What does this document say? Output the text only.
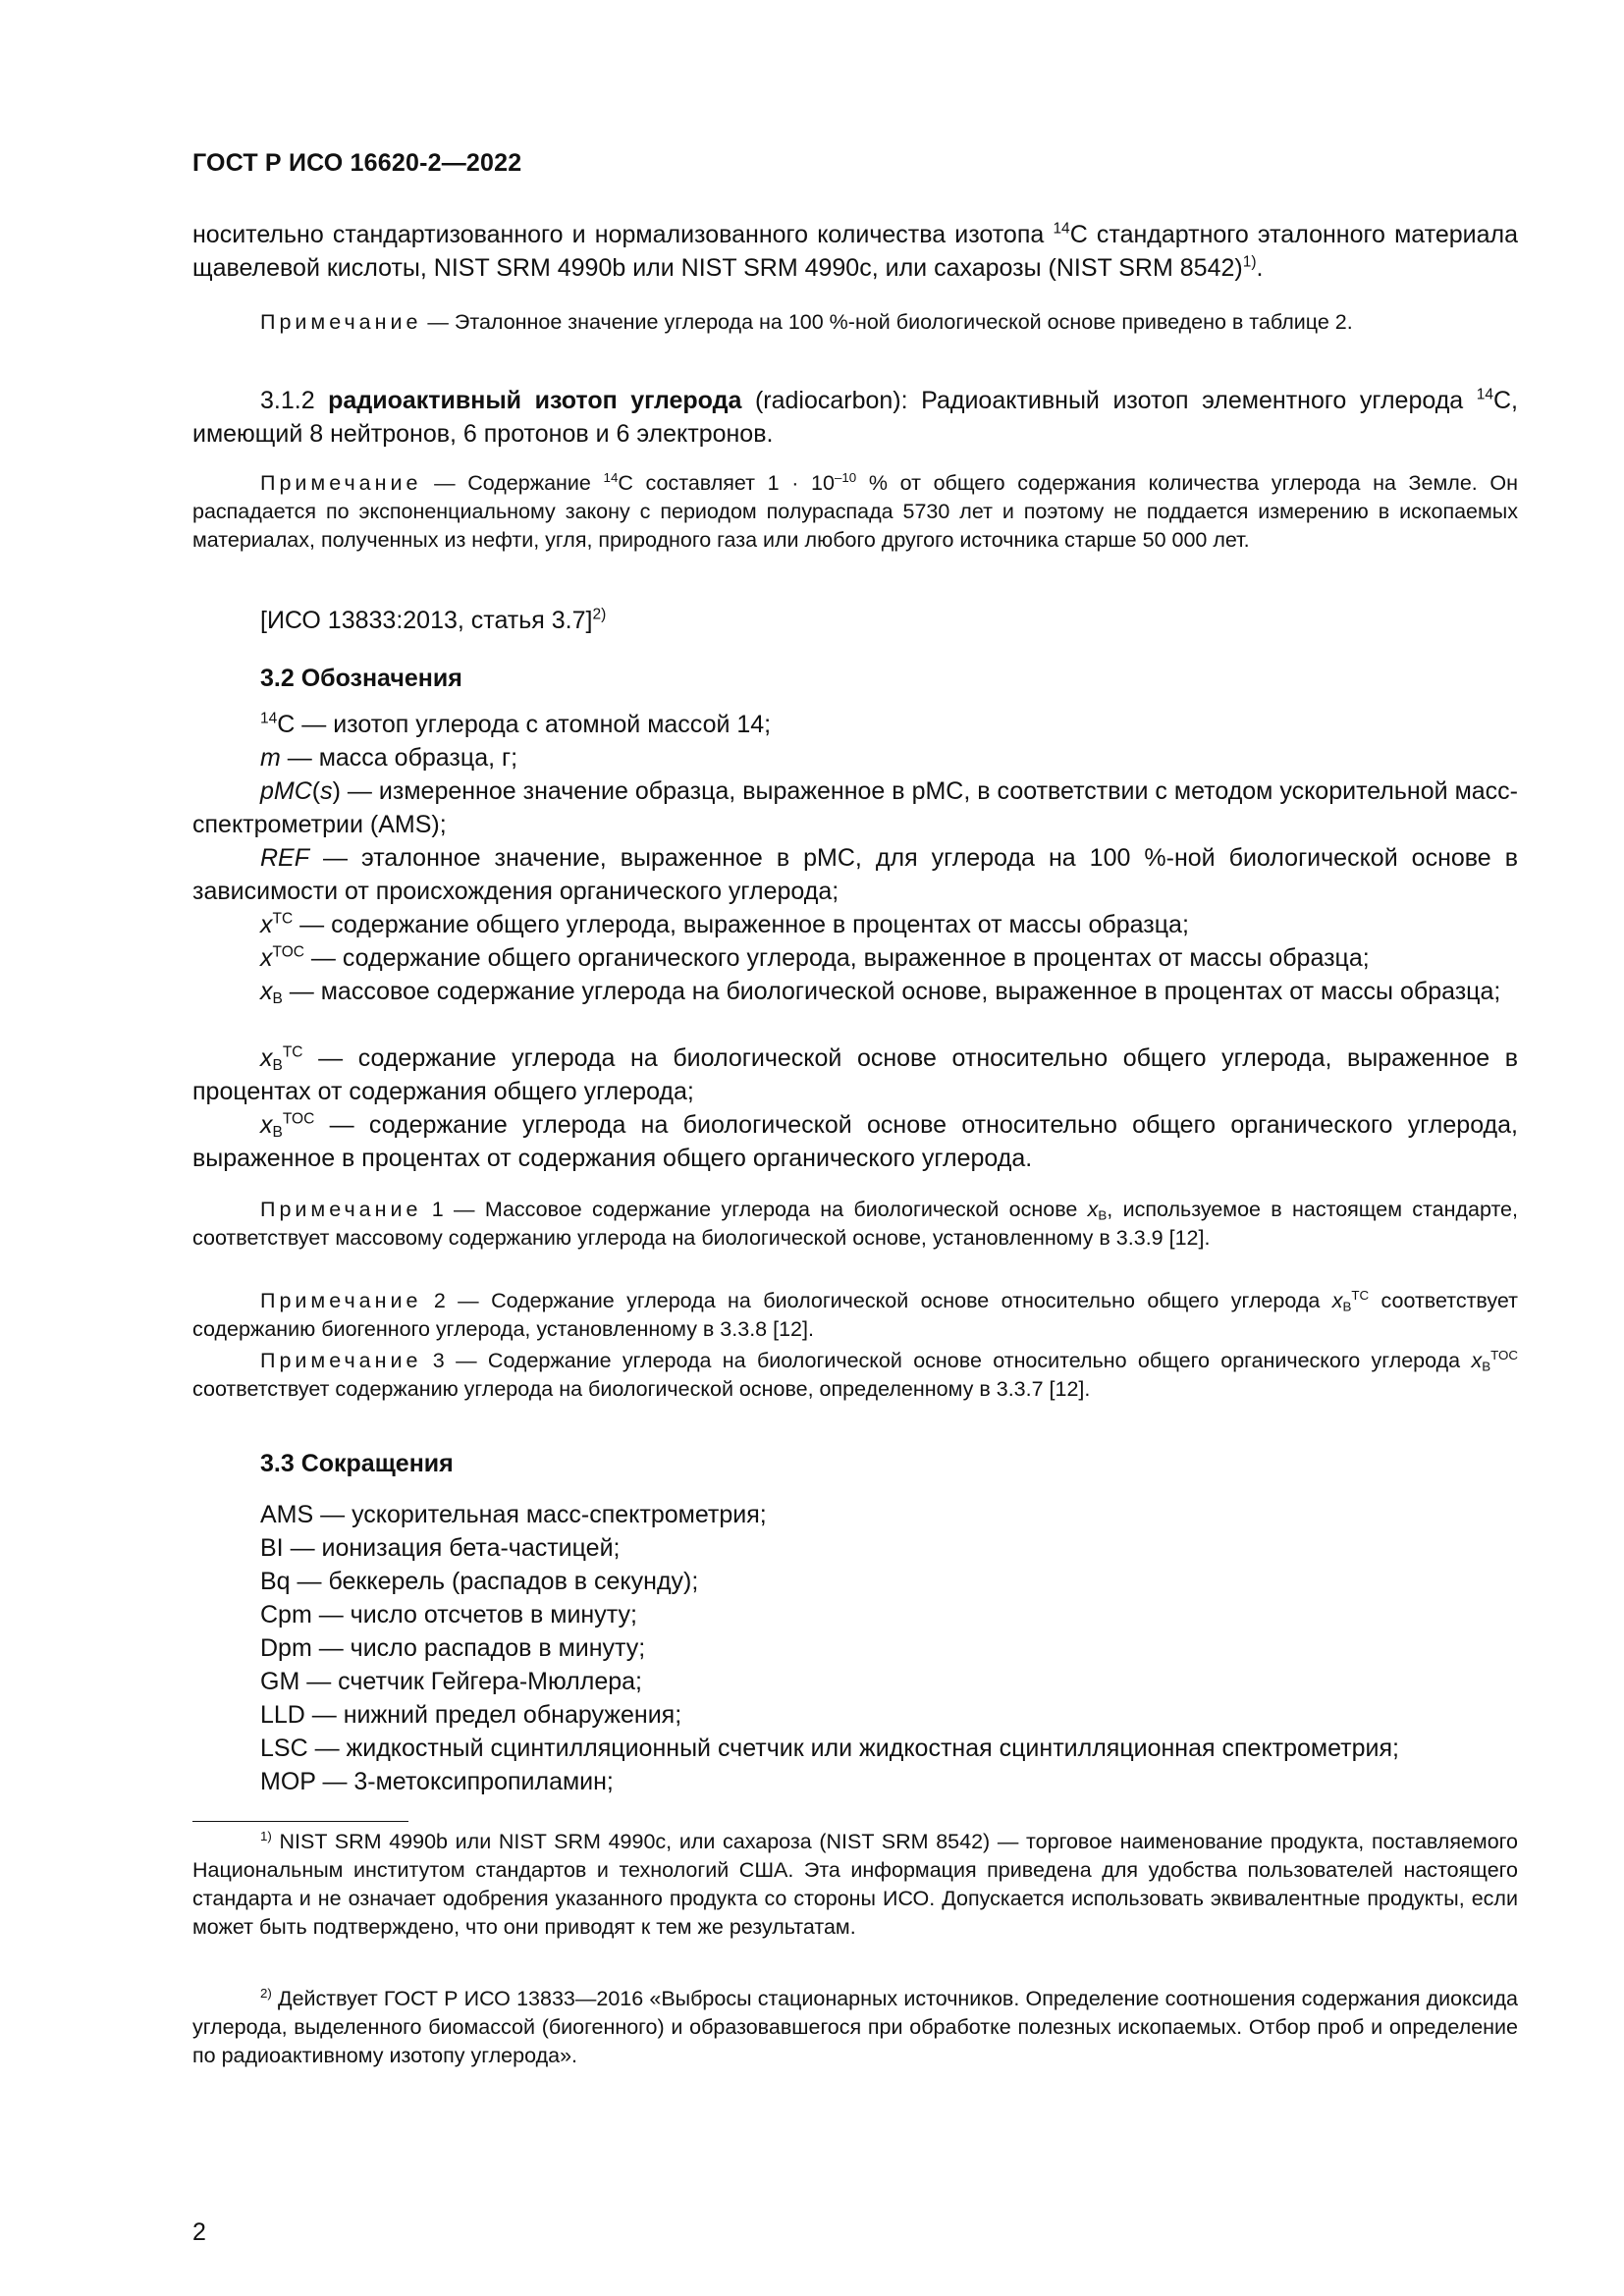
ГОСТ Р ИСО 16620-2—2022

носительно стандартизованного и нормализованного количества изотопа $^{14}$С стандартного эталонного материала щавелевой кислоты, NIST SRM 4990b или NIST SRM 4990c, или сахарозы (NIST SRM 8542)$^{1)}$.

Примечание — Эталонное значение углерода на 100 %-ной биологической основе приведено в таблице 2.

3.1.2 радиоактивный изотоп углерода (radiocarbon): Радиоактивный изотоп элементного углерода $^{14}$С, имеющий 8 нейтронов, 6 протонов и 6 электронов.

Примечание — Содержание $^{14}$С составляет $1 \cdot 10^{-10}$ % от общего содержания количества углерода на Земле. Он распадается по экспоненциальному закону с периодом полураспада 5730 лет и поэтому не поддается измерению в ископаемых материалах, полученных из нефти, угля, природного газа или любого другого источника старше 50 000 лет.

[ИСО 13833:2013, статья 3.7]$^{2)}$

3.2 Обозначения

$^{14}$С — изотоп углерода с атомной массой 14;

m — масса образца, г;

pMC(s) — измеренное значение образца, выраженное в pMC, в соответствии с методом ускорительной масс-спектрометрии (AMS);

REF — эталонное значение, выраженное в pMC, для углерода на 100 %-ной биологической основе в зависимости от происхождения органического углерода;

$x^{TC}$ — содержание общего углерода, выраженное в процентах от массы образца;

$x^{TOC}$ — содержание общего органического углерода, выраженное в процентах от массы образца;

$x_B$ — массовое содержание углерода на биологической основе, выраженное в процентах от массы образца;

$x_B^{TC}$ — содержание углерода на биологической основе относительно общего углерода, выраженное в процентах от содержания общего углерода;

$x_B^{TOC}$ — содержание углерода на биологической основе относительно общего органического углерода, выраженное в процентах от содержания общего органического углерода.

Примечание 1 — Массовое содержание углерода на биологической основе $x_B$, используемое в настоящем стандарте, соответствует массовому содержанию углерода на биологической основе, установленному в 3.3.9 [12].

Примечание 2 — Содержание углерода на биологической основе относительно общего углерода $x_B^{TC}$ соответствует содержанию биогенного углерода, установленному в 3.3.8 [12].

Примечание 3 — Содержание углерода на биологической основе относительно общего органического углерода $x_B^{TOC}$ соответствует содержанию углерода на биологической основе, определенному в 3.3.7 [12].

3.3 Сокращения
AMS — ускорительная масс-спектрометрия;
BI — ионизация бета-частицей;
Bq — беккерель (распадов в секунду);
Cpm — число отсчетов в минуту;
Dpm — число распадов в минуту;
GM — счетчик Гейгера-Мюллера;
LLD — нижний предел обнаружения;
LSC — жидкостный сцинтилляционный счетчик или жидкостная сцинтилляционная спектрометрия;
MOP — 3-метоксипропиламин;

$^{1)}$ NIST SRM 4990b или NIST SRM 4990c, или сахароза (NIST SRM 8542) — торговое наименование продукта, поставляемого Национальным институтом стандартов и технологий США. Эта информация приведена для удобства пользователей настоящего стандарта и не означает одобрения указанного продукта со стороны ИСО. Допускается использовать эквивалентные продукты, если может быть подтверждено, что они приводят к тем же результатам.

$^{2)}$ Действует ГОСТ Р ИСО 13833—2016 «Выбросы стационарных источников. Определение соотношения содержания диоксида углерода, выделенного биомассой (биогенного) и образовавшегося при обработке полезных ископаемых. Отбор проб и определение по радиоактивному изотопу углерода».

2
